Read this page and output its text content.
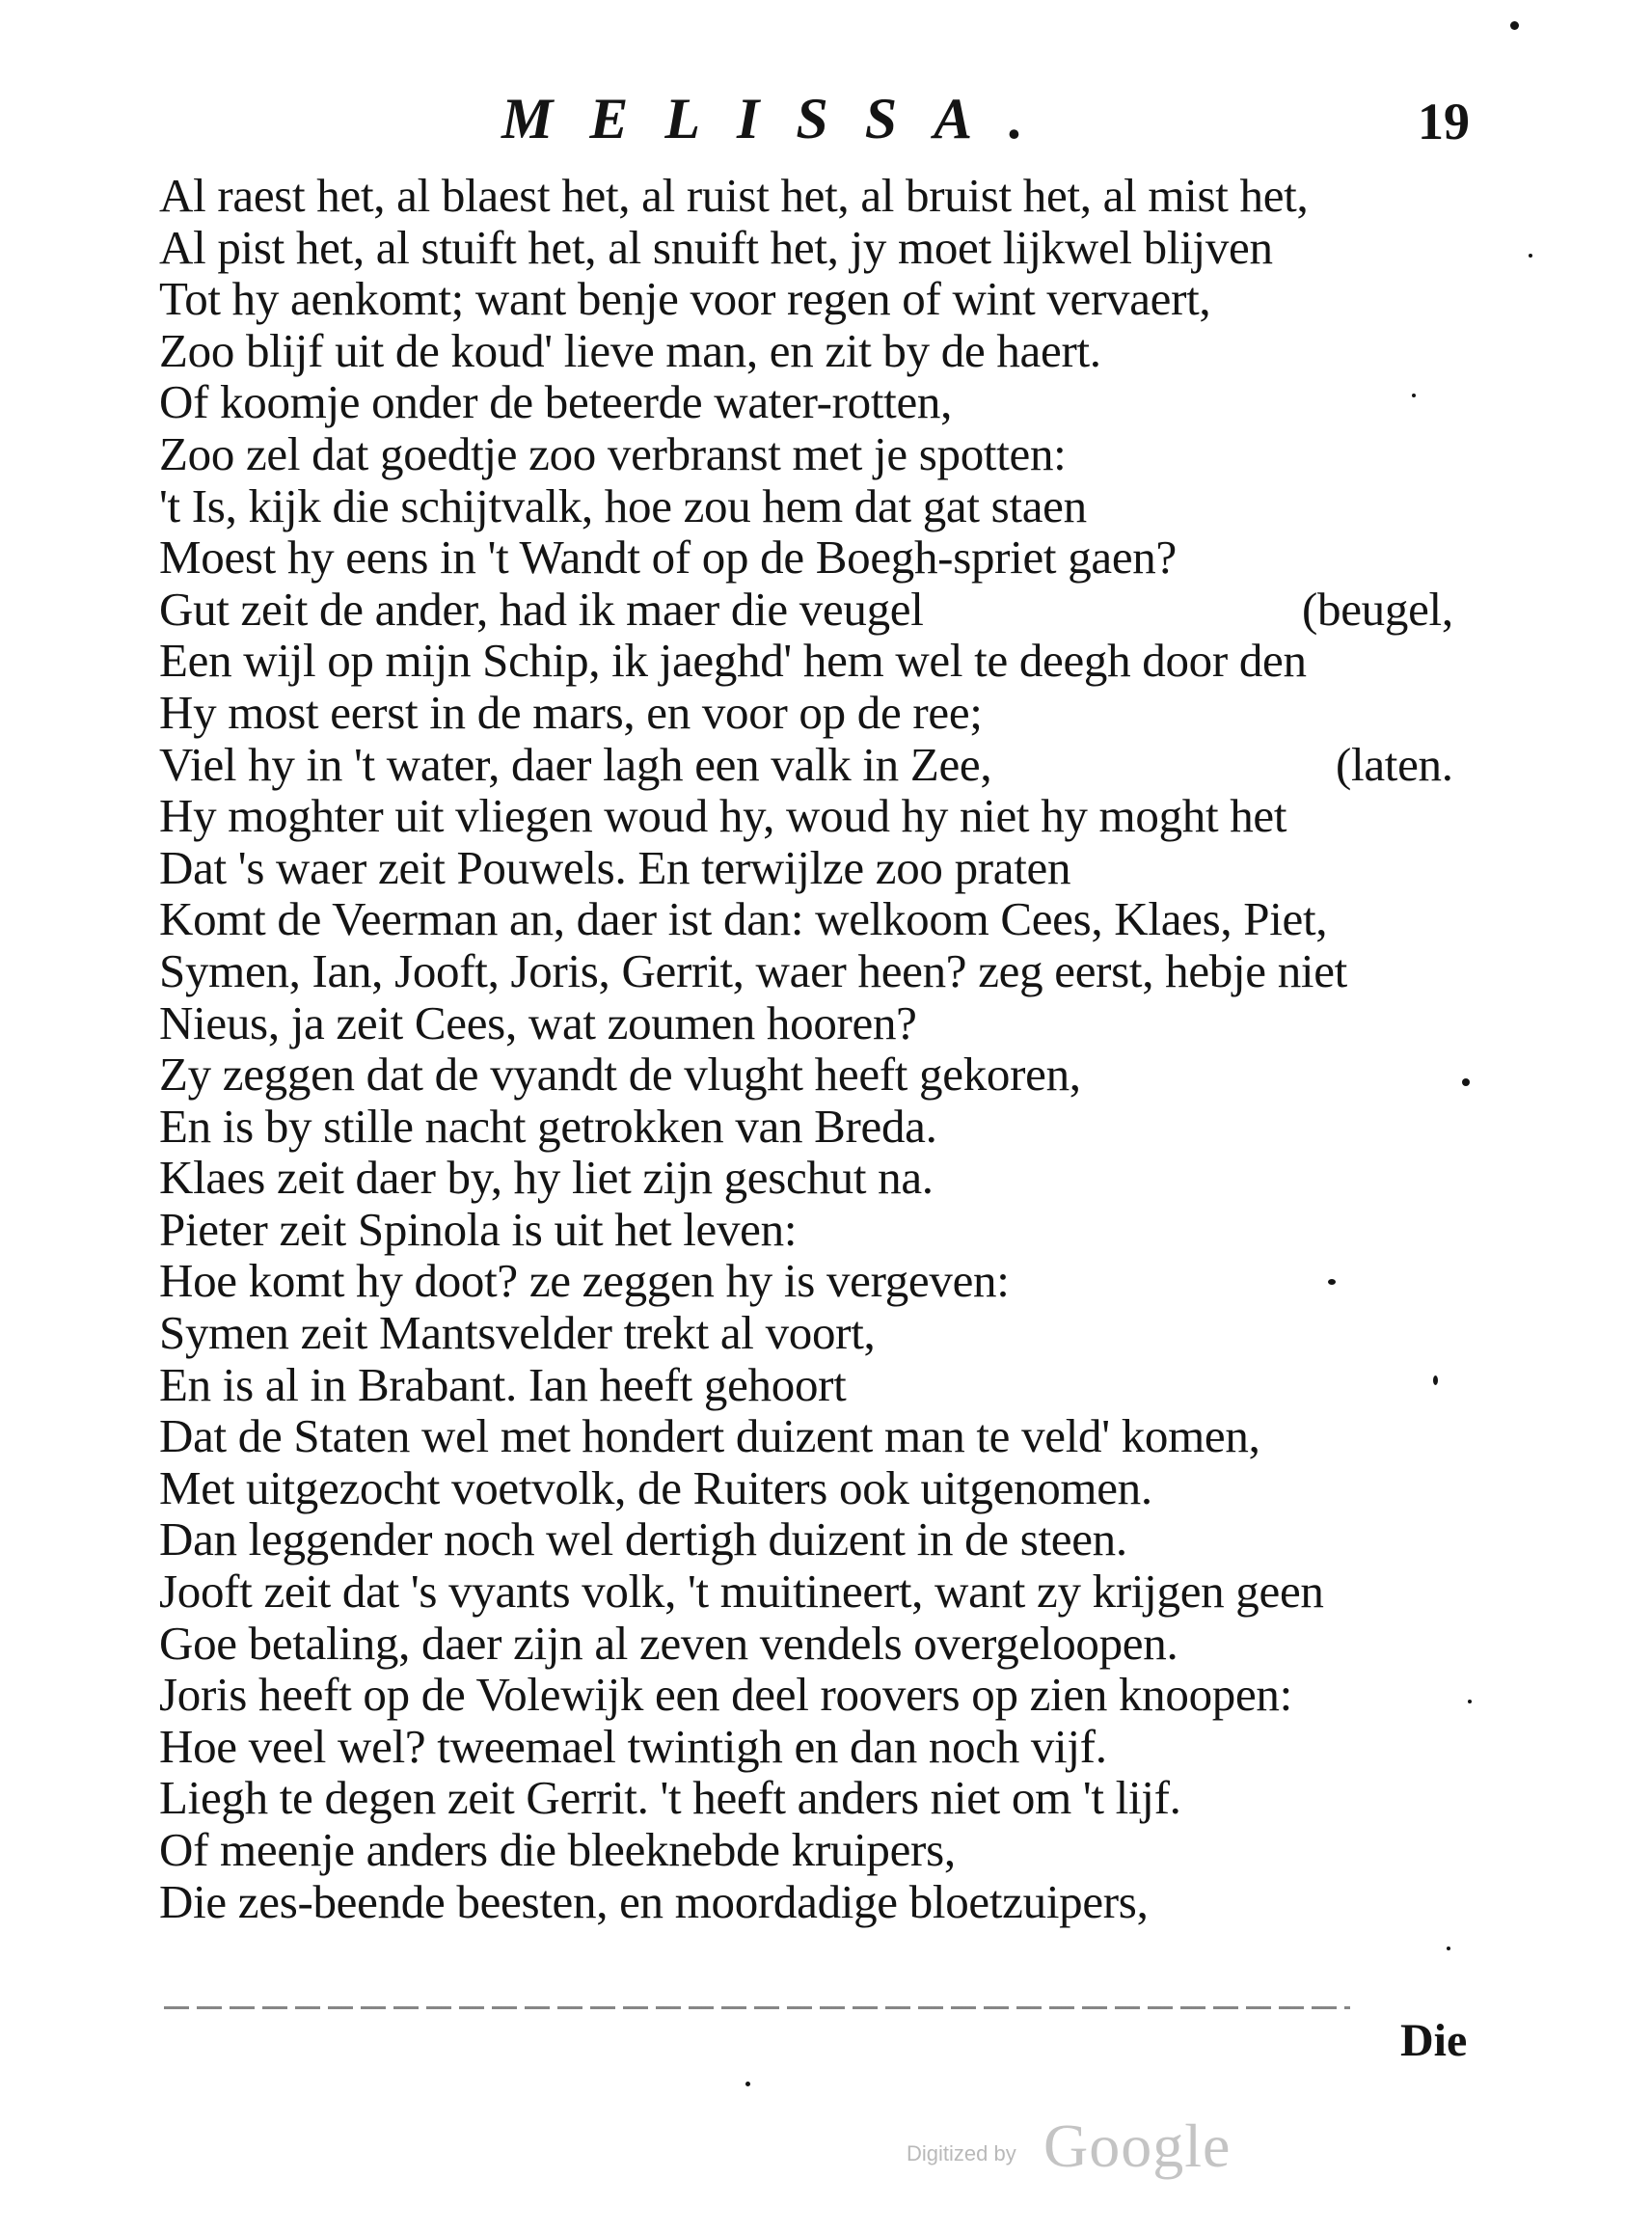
MELISSA.	19
Al raest het, al blaest het, al ruist het, al bruist het, al mist het,
Al pist het, al stuift het, al snuift het, jy moet lijkwel blijven
Tot hy aenkomt; want benje voor regen of wint vervaert,
Zoo blijf uit de koud' lieve man, en zit by de haert.
Of koomje onder de beteerde water-rotten,
Zoo zel dat goedtje zoo verbranst met je spotten:
't Is, kijk die schijtvalk, hoe zou hem dat gat staen
Moest hy eens in 't Wandt of op de Boegh-spriet gaen?
Gut zeit de ander, had ik maer die veugel	(beugel,
Een wijl op mijn Schip, ik jaeghd' hem wel te deegh door den
Hy most eerst in de mars, en voor op de ree;
Viel hy in 't water, daer lagh een valk in Zee,	(laten.
Hy moghter uit vliegen woud hy, woud hy niet hy moght het
Dat 's waer zeit Pouwels. En terwijlze zoo praten
Komt de Veerman an, daer ist dan: welkoom Cees, Klaes, Piet,
Symen, Ian, Jooft, Joris, Gerrit, waer heen? zeg eerst, hebje niet
Nieus, ja zeit Cees, wat zoumen hooren?
Zy zeggen dat de vyandt de vlught heeft gekoren,
En is by stille nacht getrokken van Breda.
Klaes zeit daer by, hy liet zijn geschut na.
Pieter zeit Spinola is uit het leven:
Hoe komt hy doot? ze zeggen hy is vergeven:
Symen zeit Mantsvelder trekt al voort,
En is al in Brabant. Ian heeft gehoort
Dat de Staten wel met hondert duizent man te veld' komen,
Met uitgezocht voetvolk, de Ruiters ook uitgenomen.
Dan leggender noch wel dertigh duizent in de steen.
Jooft zeit dat 's vyants volk, 't muitineert, want zy krijgen geen
Goe betaling, daer zijn al zeven vendels overgeloopen.
Joris heeft op de Volewijk een deel roovers op zien knoopen:
Hoe veel wel? tweemael twintigh en dan noch vijf.
Liegh te degen zeit Gerrit. 't heeft anders niet om 't lijf.
Of meenje anders die bleeknebde kruipers,
Die zes-beende beesten, en moordadige bloetzuipers,
Die
Digitized by Google
